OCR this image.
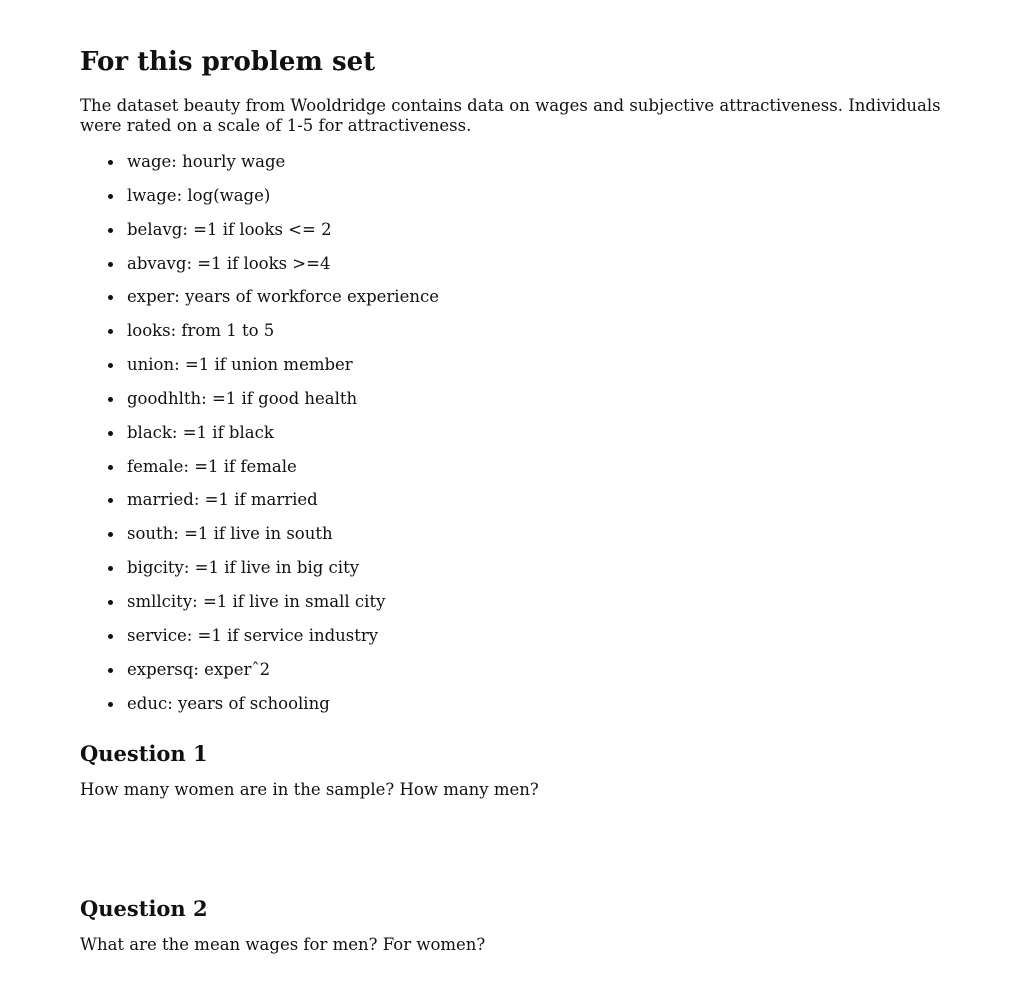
For this problem set

The dataset beauty from Wooldridge contains data on wages and subjective attractiveness. Individuals were rated on a scale of 1-5 for attractiveness.

wage: hourly wage
lwage: log(wage)
belavg: =1 if looks <= 2
abvavg: =1 if looks >=4
exper: years of workforce experience
looks: from 1 to 5
union: =1 if union member
goodhlth: =1 if good health
black: =1 if black
female: =1 if female
married: =1 if married
south: =1 if live in south
bigcity: =1 if live in big city
smllcity: =1 if live in small city
service: =1 if service industry
expersq: experˆ2
educ: years of schooling
Question 1

How many women are in the sample? How many men?

Question 2

What are the mean wages for men? For women?
